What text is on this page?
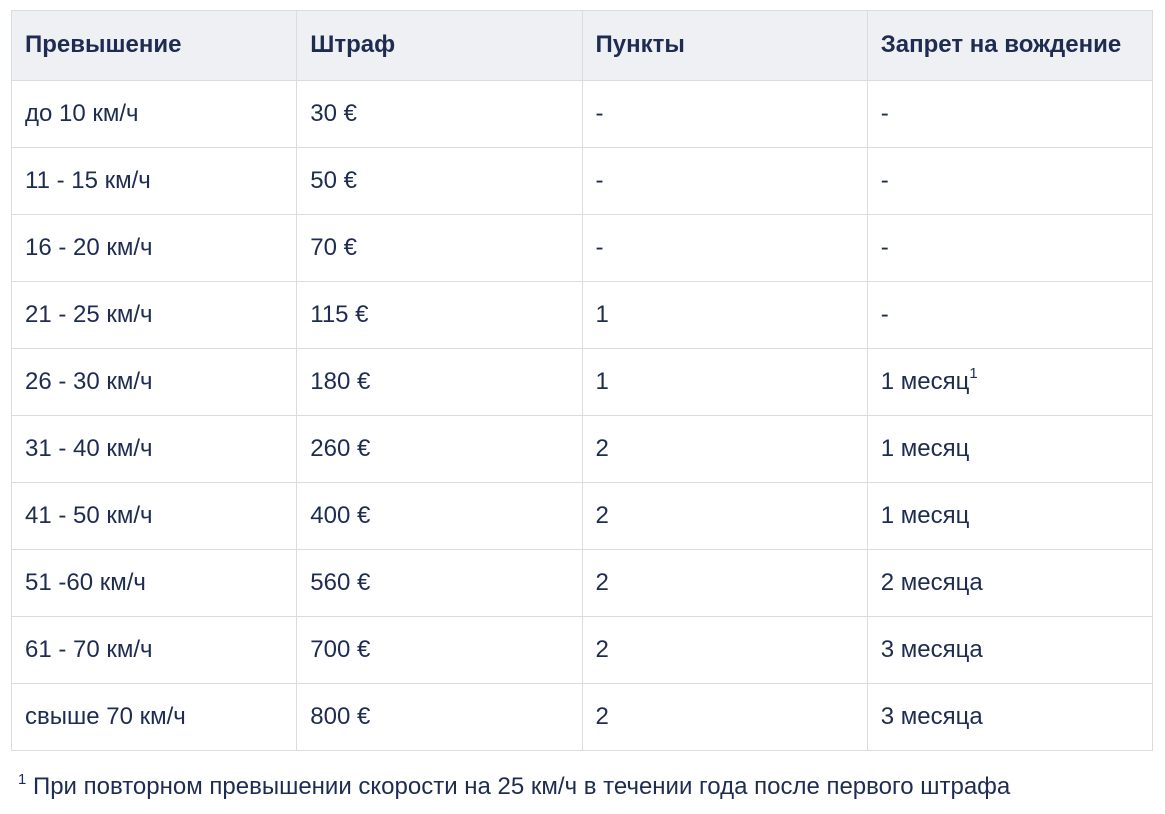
Превышение	Штраф	Пункты	Запрет на вождение
до 10 км/ч	30 €	-	-
11 - 15 км/ч	50 €	-	-
16 - 20 км/ч	70 €	-	-
21 - 25 км/ч	115 €	1	-
26 - 30 км/ч	180 €	1	1 месяц$^1$
31 - 40 км/ч	260 €	2	1 месяц
41 - 50 км/ч	400 €	2	1 месяц
51 -60 км/ч	560 €	2	2 месяца
61 - 70 км/ч	700 €	2	3 месяца
свыше 70 км/ч	800 €	2	3 месяца

$^1$ При повторном превышении скорости на 25 км/ч в течении года после первого штрафа
